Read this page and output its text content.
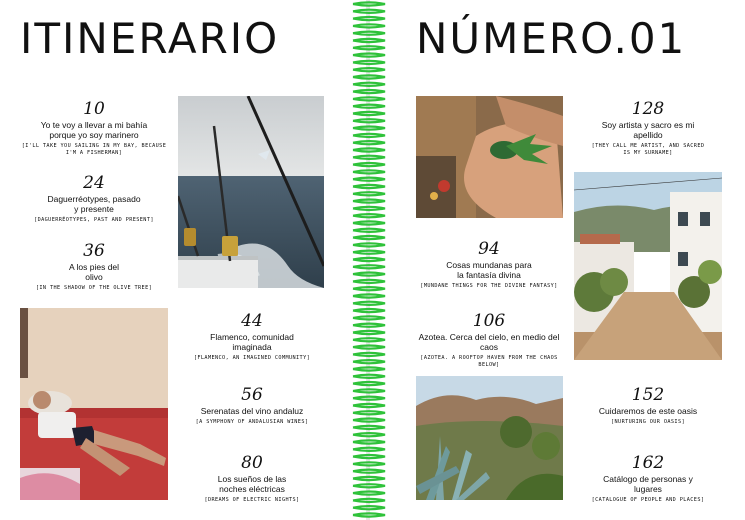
ITINERARIO	NÚMERO.01
10
Yo te voy a llevar a mi bahía porque yo soy marinero
[I'LL TAKE YOU SAILING IN MY BAY, BECAUSE I'M A FISHERMAN]
24
Daguerréotypes, pasado y presente
[DAGUERRÉOTYPES, PAST AND PRESENT]
36
A los pies del olivo
[IN THE SHADOW OF THE OLIVE TREE]
44
Flamenco, comunidad imaginada
[FLAMENCO, AN IMAGINED COMMUNITY]
56
Serenatas del vino andaluz
[A SYMPHONY OF ANDALUSIAN WINES]
80
Los sueños de las noches eléctricas
[DREAMS OF ELECTRIC NIGHTS]
94
Cosas mundanas para la fantasía divina
[MUNDANE THINGS FOR THE DIVINE FANTASY]
106
Azotea. Cerca del cielo, en medio del caos
[AZOTEA. A ROOFTOP HAVEN FROM THE CHAOS BELOW]
128
Soy artista y sacro es mi apellido
[THEY CALL ME ARTIST, AND SACRED IS MY SURNAME]
152
Cuidaremos de este oasis
[NURTURING OUR OASIS]
162
Catálogo de personas y lugares
[CATALOGUE OF PEOPLE AND PLACES]
